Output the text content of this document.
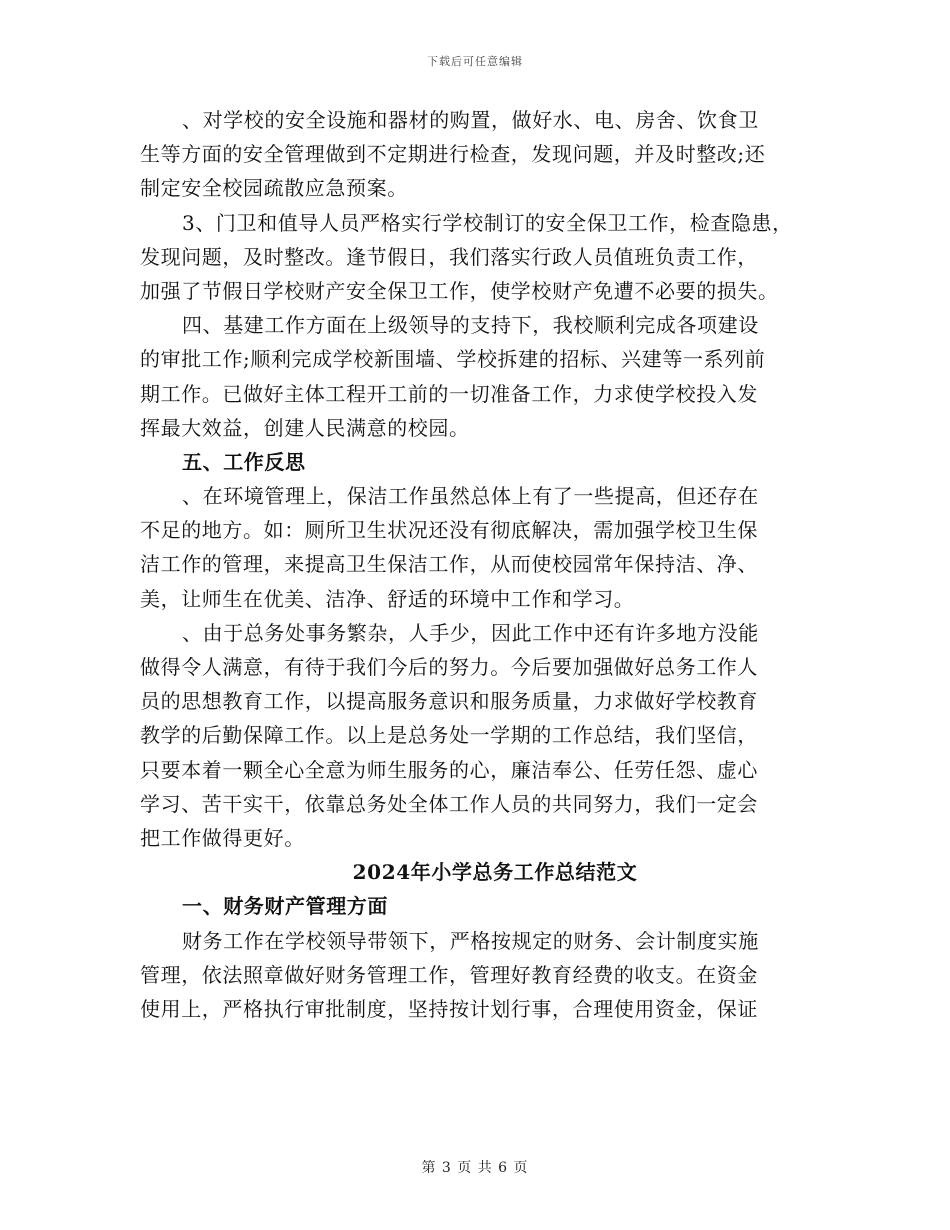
下载后可任意编辑
、对学校的安全设施和器材的购置，做好水、电、房舍、饮食卫
生等方面的安全管理做到不定期进行检查，发现问题，并及时整改;还
制定安全校园疏散应急预案。
3、门卫和值导人员严格实行学校制订的安全保卫工作，检查隐患，
发现问题，及时整改。逢节假日，我们落实行政人员值班负责工作，
加强了节假日学校财产安全保卫工作，使学校财产免遭不必要的损失。
四、基建工作方面在上级领导的支持下，我校顺利完成各项建设
的审批工作;顺利完成学校新围墙、学校拆建的招标、兴建等一系列前
期工作。已做好主体工程开工前的一切准备工作，力求使学校投入发
挥最大效益，创建人民满意的校园。
五、工作反思
、在环境管理上，保洁工作虽然总体上有了一些提高，但还存在
不足的地方。如：厕所卫生状况还没有彻底解决，需加强学校卫生保
洁工作的管理，来提高卫生保洁工作，从而使校园常年保持洁、净、
美，让师生在优美、洁净、舒适的环境中工作和学习。
、由于总务处事务繁杂，人手少，因此工作中还有许多地方没能
做得令人满意，有待于我们今后的努力。今后要加强做好总务工作人
员的思想教育工作，以提高服务意识和服务质量，力求做好学校教育
教学的后勤保障工作。以上是总务处一学期的工作总结，我们坚信，
只要本着一颗全心全意为师生服务的心，廉洁奉公、任劳任怨、虚心
学习、苦干实干，依靠总务处全体工作人员的共同努力，我们一定会
把工作做得更好。
2024年小学总务工作总结范文
一、财务财产管理方面
财务工作在学校领导带领下，严格按规定的财务、会计制度实施
管理，依法照章做好财务管理工作，管理好教育经费的收支。在资金
使用上，严格执行审批制度，坚持按计划行事，合理使用资金，保证
第 3 页 共 6 页
